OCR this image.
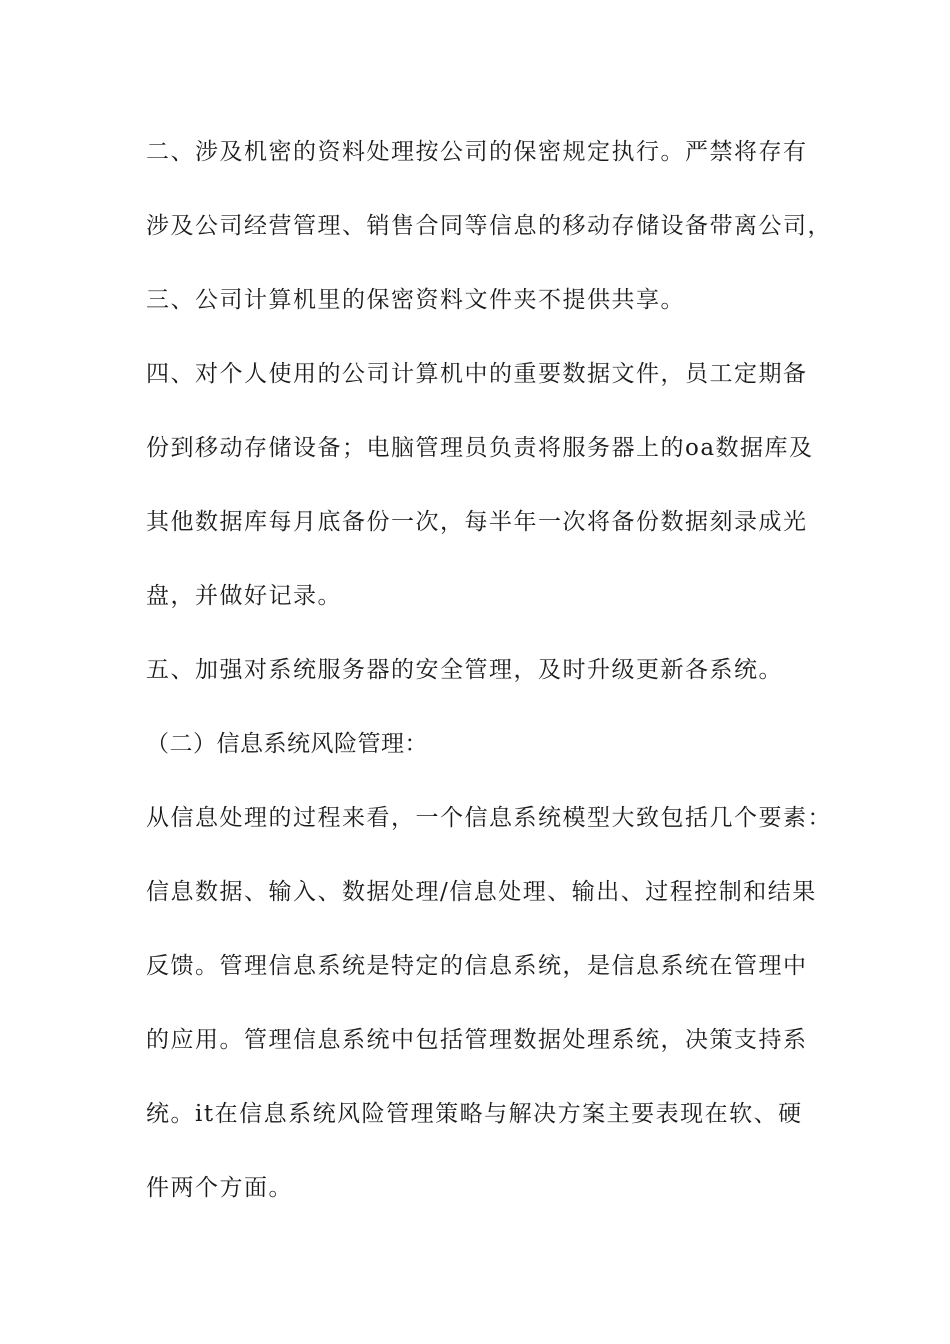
二、涉及机密的资料处理按公司的保密规定执行。严禁将存有
涉及公司经营管理、销售合同等信息的移动存储设备带离公司，
三、公司计算机里的保密资料文件夹不提供共享。
四、对个人使用的公司计算机中的重要数据文件，员工定期备
份到移动存储设备；电脑管理员负责将服务器上的oa数据库及
其他数据库每月底备份一次，每半年一次将备份数据刻录成光
盘，并做好记录。
五、加强对系统服务器的安全管理，及时升级更新各系统。
（二）信息系统风险管理：
从信息处理的过程来看，一个信息系统模型大致包括几个要素：
信息数据、输入、数据处理/信息处理、输出、过程控制和结果
反馈。管理信息系统是特定的信息系统，是信息系统在管理中
的应用。管理信息系统中包括管理数据处理系统，决策支持系
统。it在信息系统风险管理策略与解决方案主要表现在软、硬
件两个方面。
